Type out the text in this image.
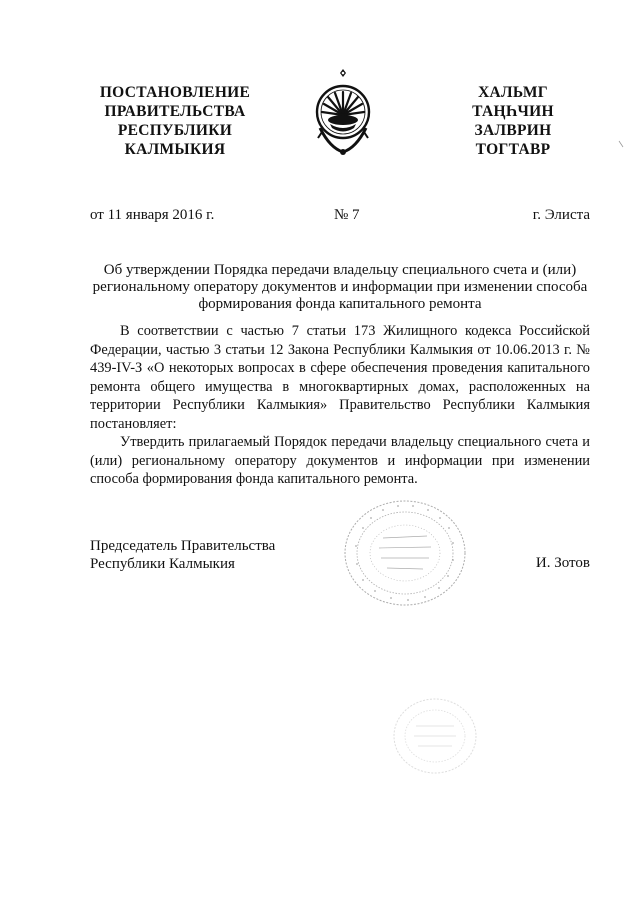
ПОСТАНОВЛЕНИЕ
ПРАВИТЕЛЬСТВА
РЕСПУБЛИКИ
КАЛМЫКИЯ
ХАЛЬМГ
ТАҢҺЧИН
ЗАЛВРИН
ТОГТАВР
от 11 января 2016 г.	№ 7	г. Элиста
Об утверждении Порядка передачи владельцу специального счета и (или) региональному оператору документов и информации при изменении способа формирования фонда капитального ремонта

В соответствии с частью 7 статьи 173 Жилищного кодекса Российской Федерации, частью 3 статьи 12 Закона Республики Калмыкия от 10.06.2013 г. № 439-IV-З «О некоторых вопросах в сфере обеспечения проведения капитального ремонта общего имущества в многоквартирных домах, расположенных на территории Республики Калмыкия» Правительство Республики Калмыкия постановляет:

Утвердить прилагаемый Порядок передачи владельцу специального счета и (или) региональному оператору документов и информации при изменении способа формирования фонда капитального ремонта.

Председатель Правительства
Республики Калмыкия	И. Зотов
